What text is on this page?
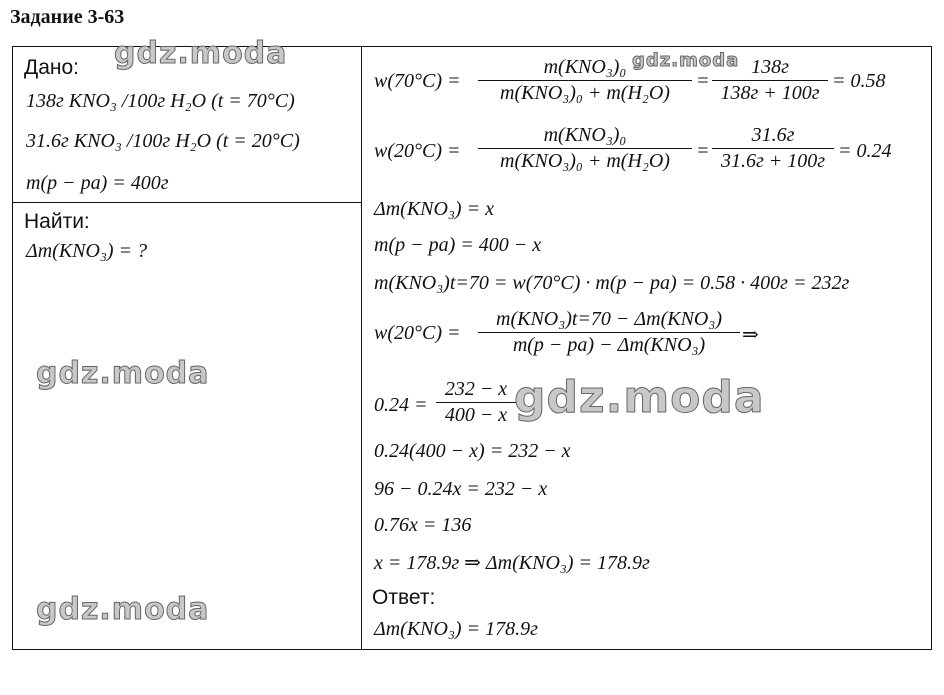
Задание 3-63
Дано:
138г KNO₃ /100г H₂O (t = 70°C)
31.6г KNO₃ /100г H₂O (t = 20°C)
m(p − pa) = 400г
Найти:
Δm(KNO₃) = ?
w(70°C) =
m(KNO₃)₀
m(KNO₃)₀ + m(H₂O)
=
138г
138г + 100г
= 0.58
w(20°C) =
m(KNO₃)₀
m(KNO₃)₀ + m(H₂O) =
31.6г
31.6г + 100г = 0.24
Δm(KNO₃) = x
m(p − pa) = 400 − x
m(KNO₃)t=70 = w(70°C) · m(p − pa) = 0.58 · 400г = 232г
w(20°C) =
m(KNO₃)t=70 − Δm(KNO₃)
m(p − pa) − Δm(KNO₃) ⇒
0.24 =
232 − x
400 − x
0.24(400 − x) = 232 − x
96 − 0.24x = 232 − x
0.76x = 136
x = 178.9г ⇒ Δm(KNO₃) = 178.9г
Ответ:
Δm(KNO₃) = 178.9г
gdz.moda	gdz.moda
gdz.moda	gdz.moda
gdz.moda
